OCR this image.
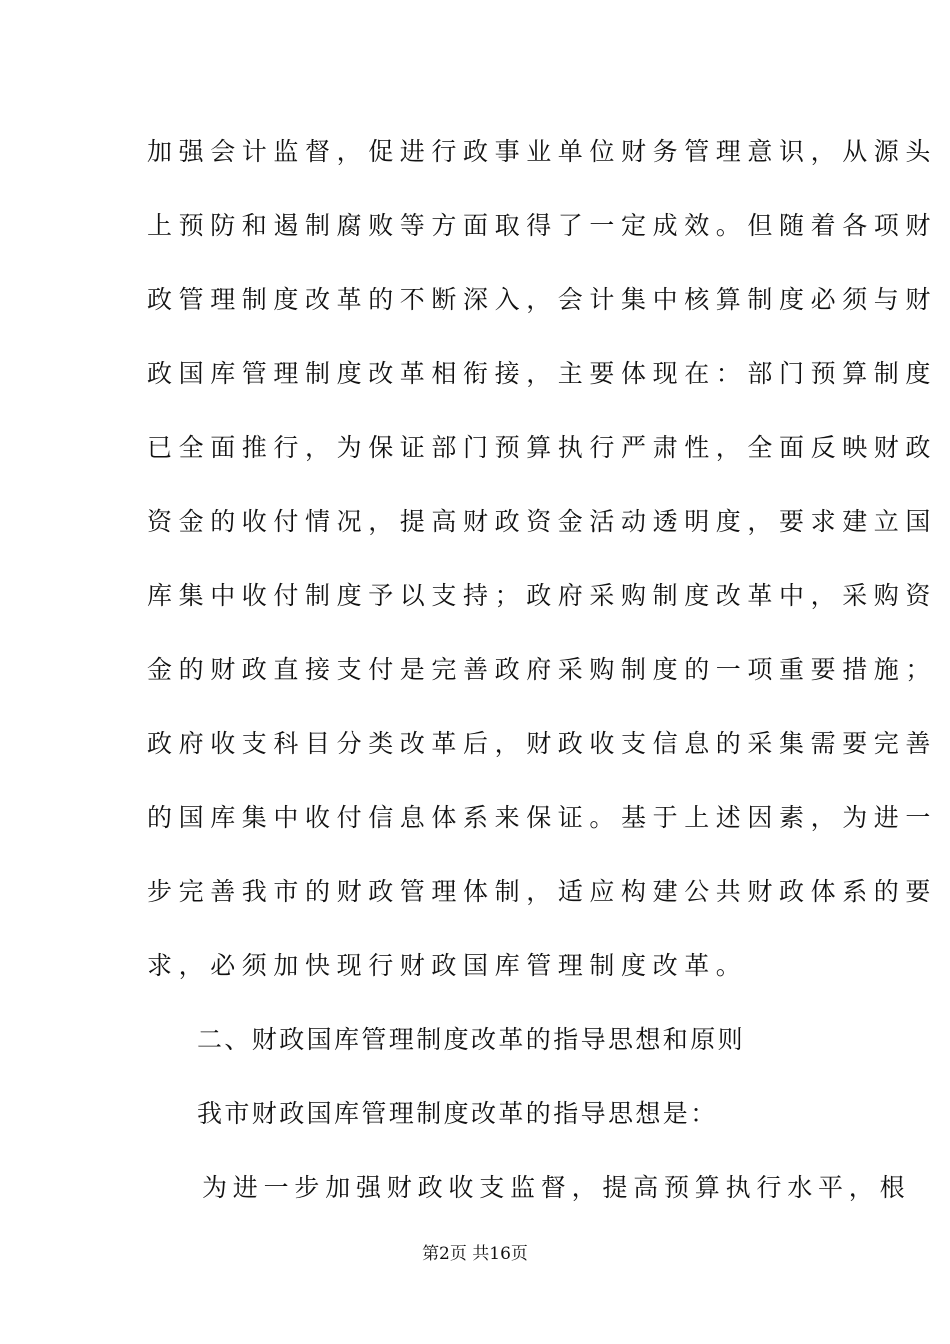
加强会计监督，促进行政事业单位财务管理意识，从源头
上预防和遏制腐败等方面取得了一定成效。但随着各项财
政管理制度改革的不断深入，会计集中核算制度必须与财
政国库管理制度改革相衔接，主要体现在：部门预算制度
已全面推行，为保证部门预算执行严肃性，全面反映财政
资金的收付情况，提高财政资金活动透明度，要求建立国
库集中收付制度予以支持；政府采购制度改革中，采购资
金的财政直接支付是完善政府采购制度的一项重要措施；
政府收支科目分类改革后，财政收支信息的采集需要完善
的国库集中收付信息体系来保证。基于上述因素，为进一
步完善我市的财政管理体制，适应构建公共财政体系的要
求，必须加快现行财政国库管理制度改革。
二、财政国库管理制度改革的指导思想和原则
我市财政国库管理制度改革的指导思想是：
为进一步加强财政收支监督，提高预算执行水平，根
第2页 共16页
